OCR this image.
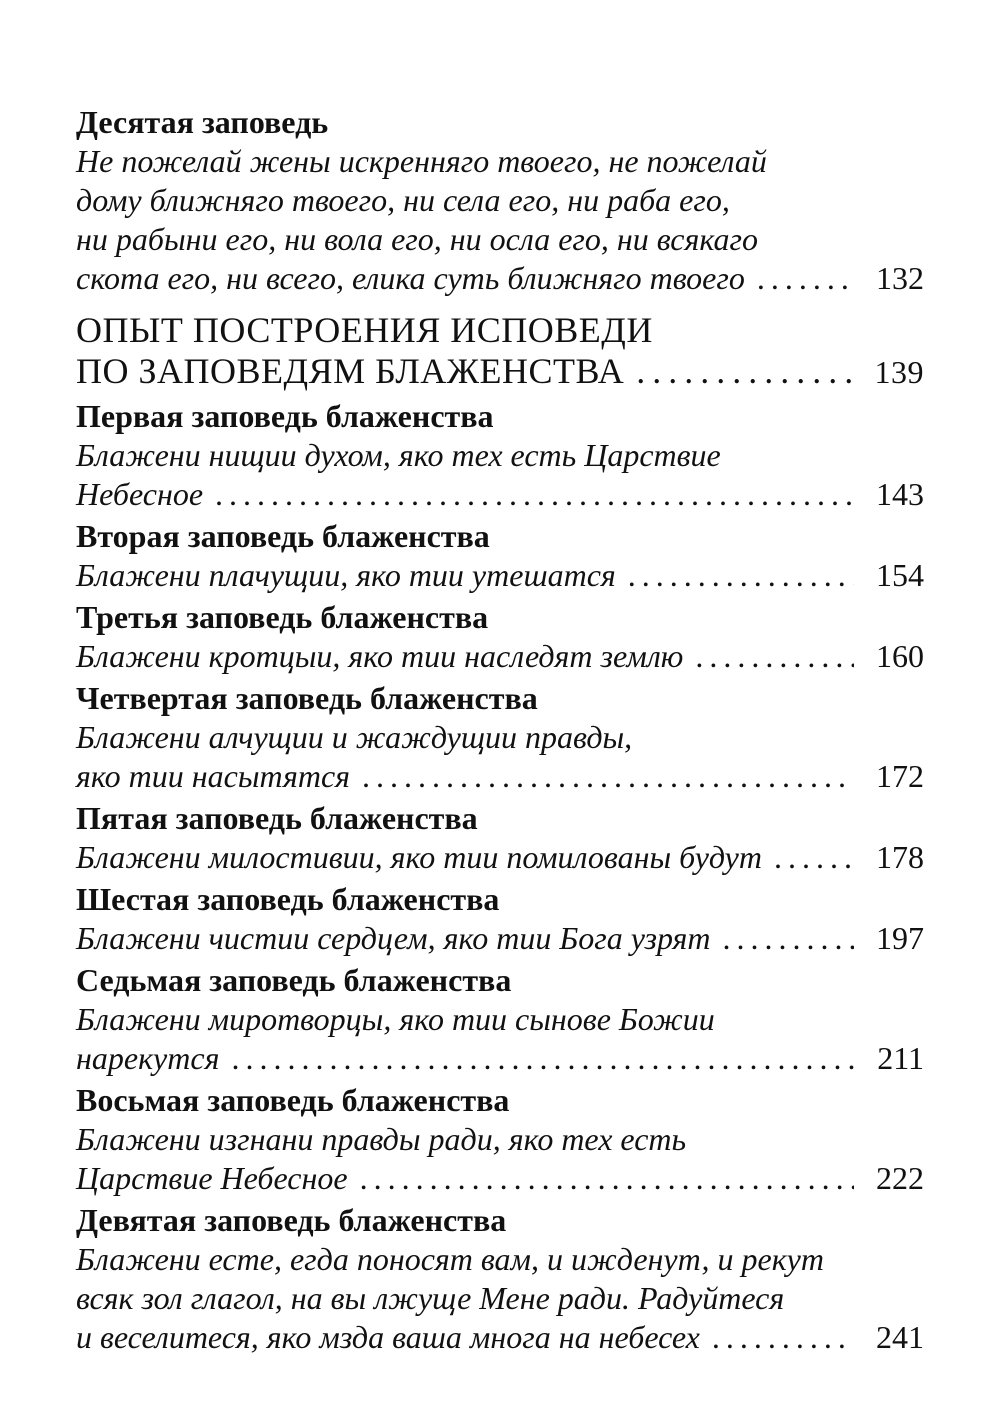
Десятая заповедь
Не пожелай жены искренняго твоего, не пожелай
дому ближняго твоего, ни села его, ни раба его,
ни рабыни его, ни вола его, ни осла его, ни всякаго
скота его, ни всего, елика суть ближняго твоего . . .	132
ОПЫТ ПОСТРОЕНИЯ ИСПОВЕДИ
ПО ЗАПОВЕДЯМ БЛАЖЕНСТВА . . .	139
Первая заповедь блаженства
Блажени нищии духом, яко тех есть Царствие
Небесное . . .	143
Вторая заповедь блаженства
Блажени плачущии, яко тии утешатся . . .	154
Третья заповедь блаженства
Блажени кротцыи, яко тии наследят землю . . .	160
Четвертая заповедь блаженства
Блажени алчущии и жаждущии правды,
яко тии насытятся . . .	172
Пятая заповедь блаженства
Блажени милостивии, яко тии помилованы будут . . .	178
Шестая заповедь блаженства
Блажени чистии сердцем, яко тии Бога узрят . . .	197
Седьмая заповедь блаженства
Блажени миротворцы, яко тии сынове Божии
нарекутся . . .	211
Восьмая заповедь блаженства
Блажени изгнани правды ради, яко тех есть
Царствие Небесное . . .	222
Девятая заповедь блаженства
Блажени есте, егда поносят вам, и ижденут, и рекут
всяк зол глагол, на вы лжуще Мене ради. Радуйтеся
и веселитеся, яко мзда ваша многа на небесех . . .	241
